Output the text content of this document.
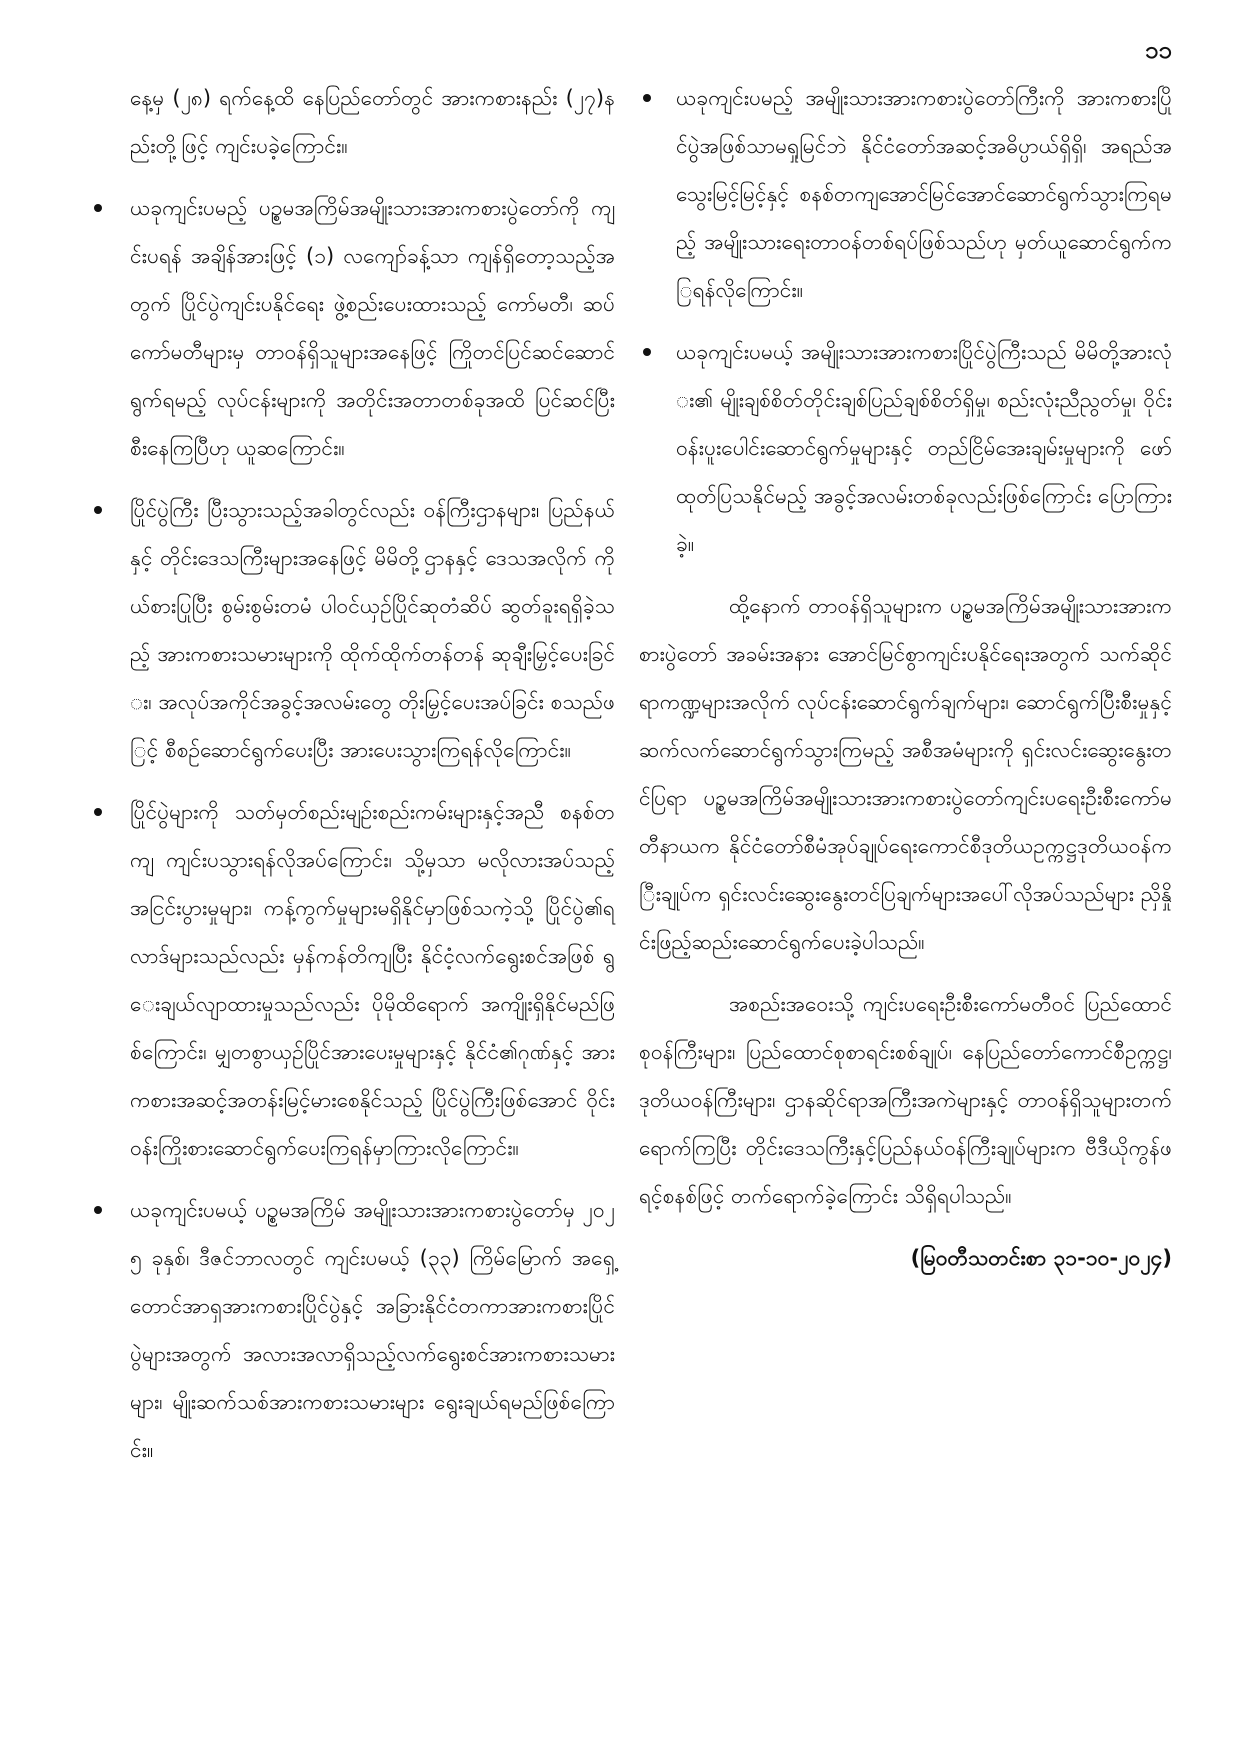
၁၁

နေ့မှ (၂၈) ရက်နေ့ထိ နေပြည်တော်တွင် အားကစားနည်း (၂၇)နည်းတို့ဖြင့် ကျင်းပခဲ့ကြောင်း။

ယခုကျင်းပမည့် ပဉ္စမအကြိမ်အမျိုးသားအားကစားပွဲတော်ကို ကျင်းပရန် အချိန်အားဖြင့် (၁) လကျော်ခန့်သာ ကျန်ရှိတော့သည့်အတွက် ပြိုင်ပွဲကျင်းပနိုင်ရေး ဖွဲ့စည်းပေးထားသည့် ကော်မတီ၊ ဆပ်ကော်မတီများမှ တာဝန်ရှိသူများအနေဖြင့် ကြိုတင်ပြင်ဆင်ဆောင်ရွက်ရမည့် လုပ်ငန်းများကို အတိုင်းအတာတစ်ခုအထိ ပြင်ဆင်ပြီးစီးနေကြပြီဟု ယူဆကြောင်း။
ပြိုင်ပွဲကြီး ပြီးသွားသည့်အခါတွင်လည်း ဝန်ကြီးဌာနများ၊ ပြည်နယ်နှင့် တိုင်းဒေသကြီးများအနေဖြင့် မိမိတို့ဌာနနှင့် ဒေသအလိုက် ကိုယ်စားပြုပြီး စွမ်းစွမ်းတမံ ပါဝင်ယှဉ်ပြိုင်ဆုတံဆိပ် ဆွတ်ခူးရရှိခဲ့သည့် အားကစားသမားများကို ထိုက်ထိုက်တန်တန် ဆုချီးမြှင့်ပေးခြင်း၊ အလုပ်အကိုင်အခွင့်အလမ်းတွေ တိုးမြှင့်ပေးအပ်ခြင်း စသည်ဖြင့် စီစဉ်ဆောင်ရွက်ပေးပြီး အားပေးသွားကြရန်လိုကြောင်း။
ပြိုင်ပွဲများကို သတ်မှတ်စည်းမျဉ်းစည်းကမ်းများနှင့်အညီ စနစ်တကျ ကျင်းပသွားရန်လိုအပ်ကြောင်း၊ သို့မှသာ မလိုလားအပ်သည့် အငြင်းပွားမှုများ၊ ကန့်ကွက်မှုများမရှိနိုင်မှာဖြစ်သကဲ့သို့ ပြိုင်ပွဲ၏ရလာဒ်များသည်လည်း မှန်ကန်တိကျပြီး နိုင်ငံ့လက်ရွေးစင်အဖြစ် ရွေးချယ်လျာထားမှုသည်လည်း ပိုမိုထိရောက် အကျိုးရှိနိုင်မည်ဖြစ်ကြောင်း၊ မျှတစွာယှဉ်ပြိုင်အားပေးမှုများနှင့် နိုင်ငံ၏ဂုဏ်နှင့် အားကစားအဆင့်အတန်းမြင့်မားစေနိုင်သည့် ပြိုင်ပွဲကြီးဖြစ်အောင် ဝိုင်းဝန်းကြိုးစားဆောင်ရွက်ပေးကြရန်မှာကြားလိုကြောင်း။
ယခုကျင်းပမယ့် ပဉ္စမအကြိမ် အမျိုးသားအားကစားပွဲတော်မှ ၂၀၂၅ ခုနှစ်၊ ဒီဇင်ဘာလတွင် ကျင်းပမယ့် (၃၃) ကြိမ်မြောက် အရှေ့တောင်အာရှအားကစားပြိုင်ပွဲနှင့် အခြားနိုင်ငံတကာအားကစားပြိုင်ပွဲများအတွက် အလားအလာရှိသည့်လက်ရွေးစင်အားကစားသမားများ၊ မျိုးဆက်သစ်အားကစားသမားများ ရွေးချယ်ရမည်ဖြစ်ကြောင်း။
ယခုကျင်းပမည့် အမျိုးသားအားကစားပွဲတော်ကြီးကို အားကစားပြိုင်ပွဲအဖြစ်သာမရှုမြင်ဘဲ နိုင်ငံတော်အဆင့်အဓိပ္ပာယ်ရှိရှိ၊ အရည်အသွေးမြင့်မြင့်နှင့် စနစ်တကျအောင်မြင်အောင်ဆောင်ရွက်သွားကြရမည့် အမျိုးသားရေးတာဝန်တစ်ရပ်ဖြစ်သည်ဟု မှတ်ယူဆောင်ရွက်ကြရန်လိုကြောင်း။
ယခုကျင်းပမယ့် အမျိုးသားအားကစားပြိုင်ပွဲကြီးသည် မိမိတို့အားလုံး၏ မျိုးချစ်စိတ်တိုင်းချစ်ပြည်ချစ်စိတ်ရှိမှု၊ စည်းလုံးညီညွတ်မှု၊ ဝိုင်းဝန်းပူးပေါင်းဆောင်ရွက်မှုများနှင့် တည်ငြိမ်အေးချမ်းမှုများကို ဖော်ထုတ်ပြသနိုင်မည့် အခွင့်အလမ်းတစ်ခုလည်းဖြစ်ကြောင်း ပြောကြားခဲ့။

ထို့နောက် တာဝန်ရှိသူများက ပဉ္စမအကြိမ်အမျိုးသားအားကစားပွဲတော် အခမ်းအနား အောင်မြင်စွာကျင်းပနိုင်ရေးအတွက် သက်ဆိုင်ရာကဏ္ဍများအလိုက် လုပ်ငန်းဆောင်ရွက်ချက်များ၊ ဆောင်ရွက်ပြီးစီးမှုနှင့် ဆက်လက်ဆောင်ရွက်သွားကြမည့် အစီအမံများကို ရှင်းလင်းဆွေးနွေးတင်ပြရာ ပဉ္စမအကြိမ်အမျိုးသားအားကစားပွဲတော်ကျင်းပရေးဦးစီးကော်မတီနာယက နိုင်ငံတော်စီမံအုပ်ချုပ်ရေးကောင်စီဒုတိယဥက္ကဋ္ဌဒုတိယဝန်ကြီးချုပ်က ရှင်းလင်းဆွေးနွေးတင်ပြချက်များအပေါ်လိုအပ်သည်များ ညှိနှိုင်းဖြည့်ဆည်းဆောင်ရွက်ပေးခဲ့ပါသည်။

အစည်းအဝေးသို့ ကျင်းပရေးဦးစီးကော်မတီဝင် ပြည်ထောင်စုဝန်ကြီးများ၊ ပြည်ထောင်စုစာရင်းစစ်ချုပ်၊ နေပြည်တော်ကောင်စီဥက္ကဋ္ဌ၊ ဒုတိယဝန်ကြီးများ၊ ဌာနဆိုင်ရာအကြီးအကဲများနှင့် တာဝန်ရှိသူများတက်ရောက်ကြပြီး တိုင်းဒေသကြီးနှင့်ပြည်နယ်ဝန်ကြီးချုပ်များက ဗီဒီယိုကွန်ဖရင့်စနစ်ဖြင့် တက်ရောက်ခဲ့ကြောင်း သိရှိရပါသည်။

(မြဝတီသတင်းစာ ၃၁-၁၀-၂၀၂၄)
